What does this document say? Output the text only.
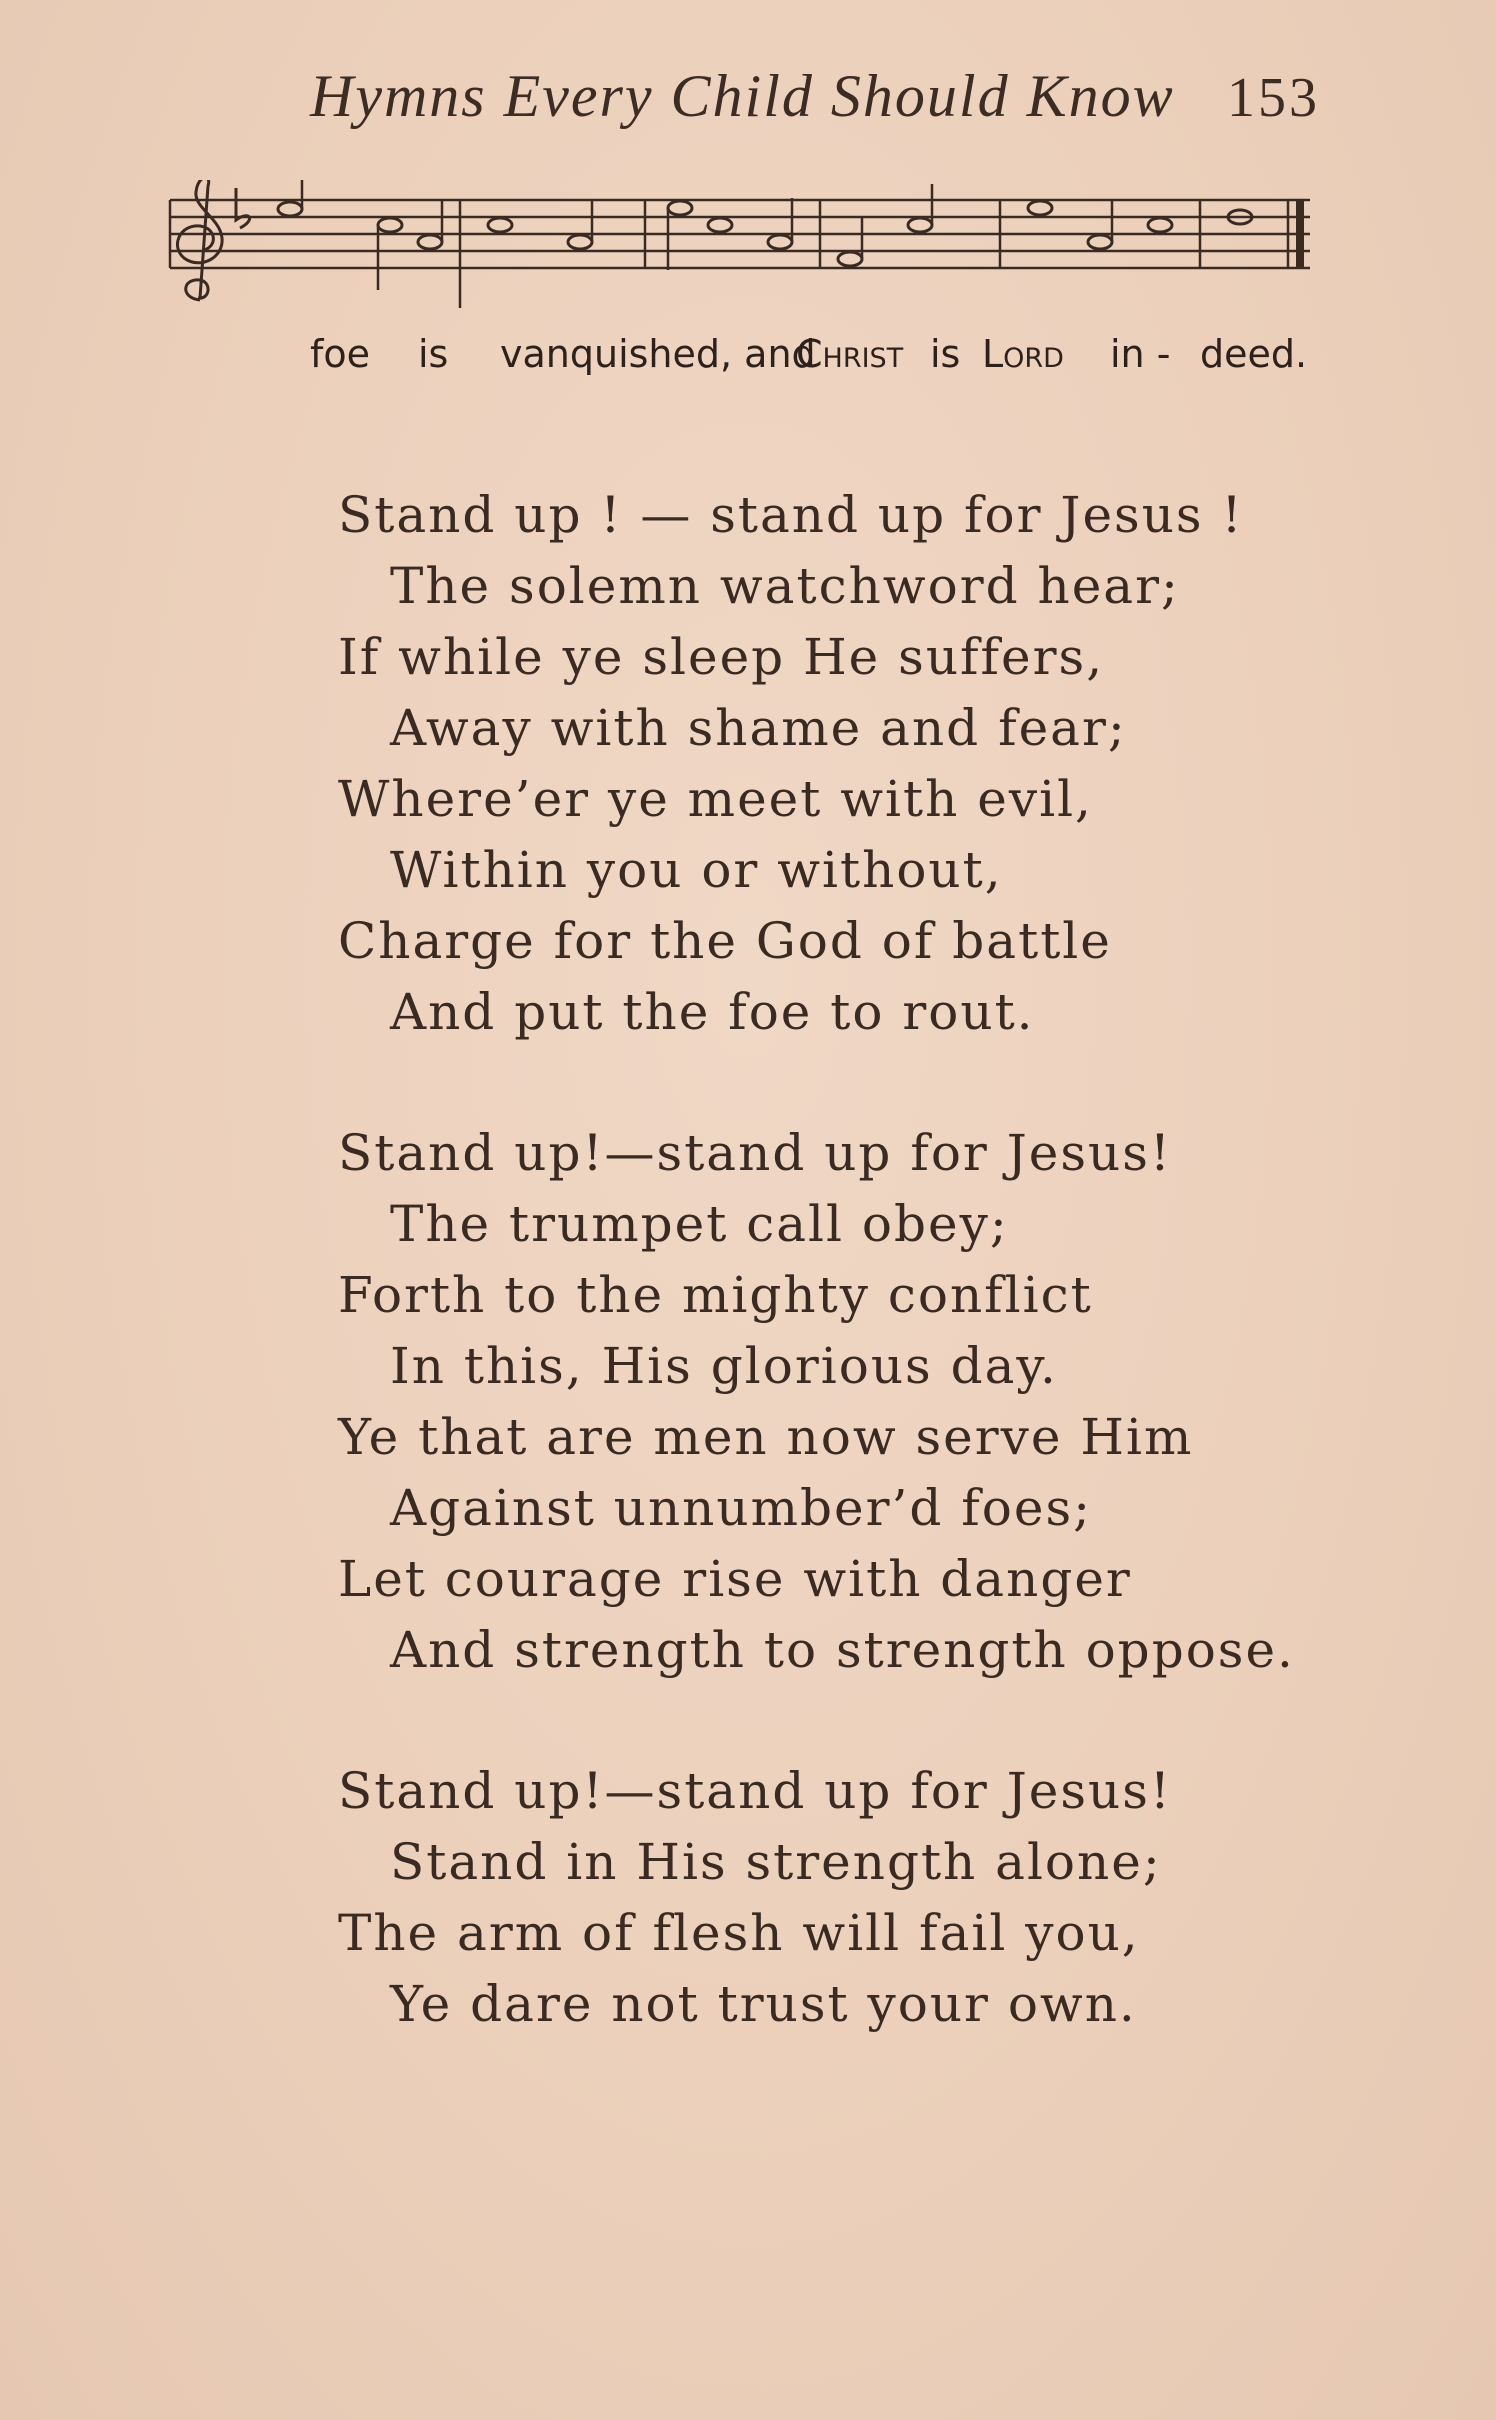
Hymns Every Child Should Know 153
foe is vanquished, and
Christ is Lord in - deed.
Stand up ! — stand up for Jesus !
The solemn watchword hear;
If while ye sleep He suffers,
Away with shame and fear;
Where’er ye meet with evil,
Within you or without,
Charge for the God of battle
And put the foe to rout.
Stand up!—stand up for Jesus!
The trumpet call obey;
Forth to the mighty conflict
In this, His glorious day.
Ye that are men now serve Him
Against unnumber’d foes;
Let courage rise with danger
And strength to strength oppose.
Stand up!—stand up for Jesus!
Stand in His strength alone;
The arm of flesh will fail you,
Ye dare not trust your own.
